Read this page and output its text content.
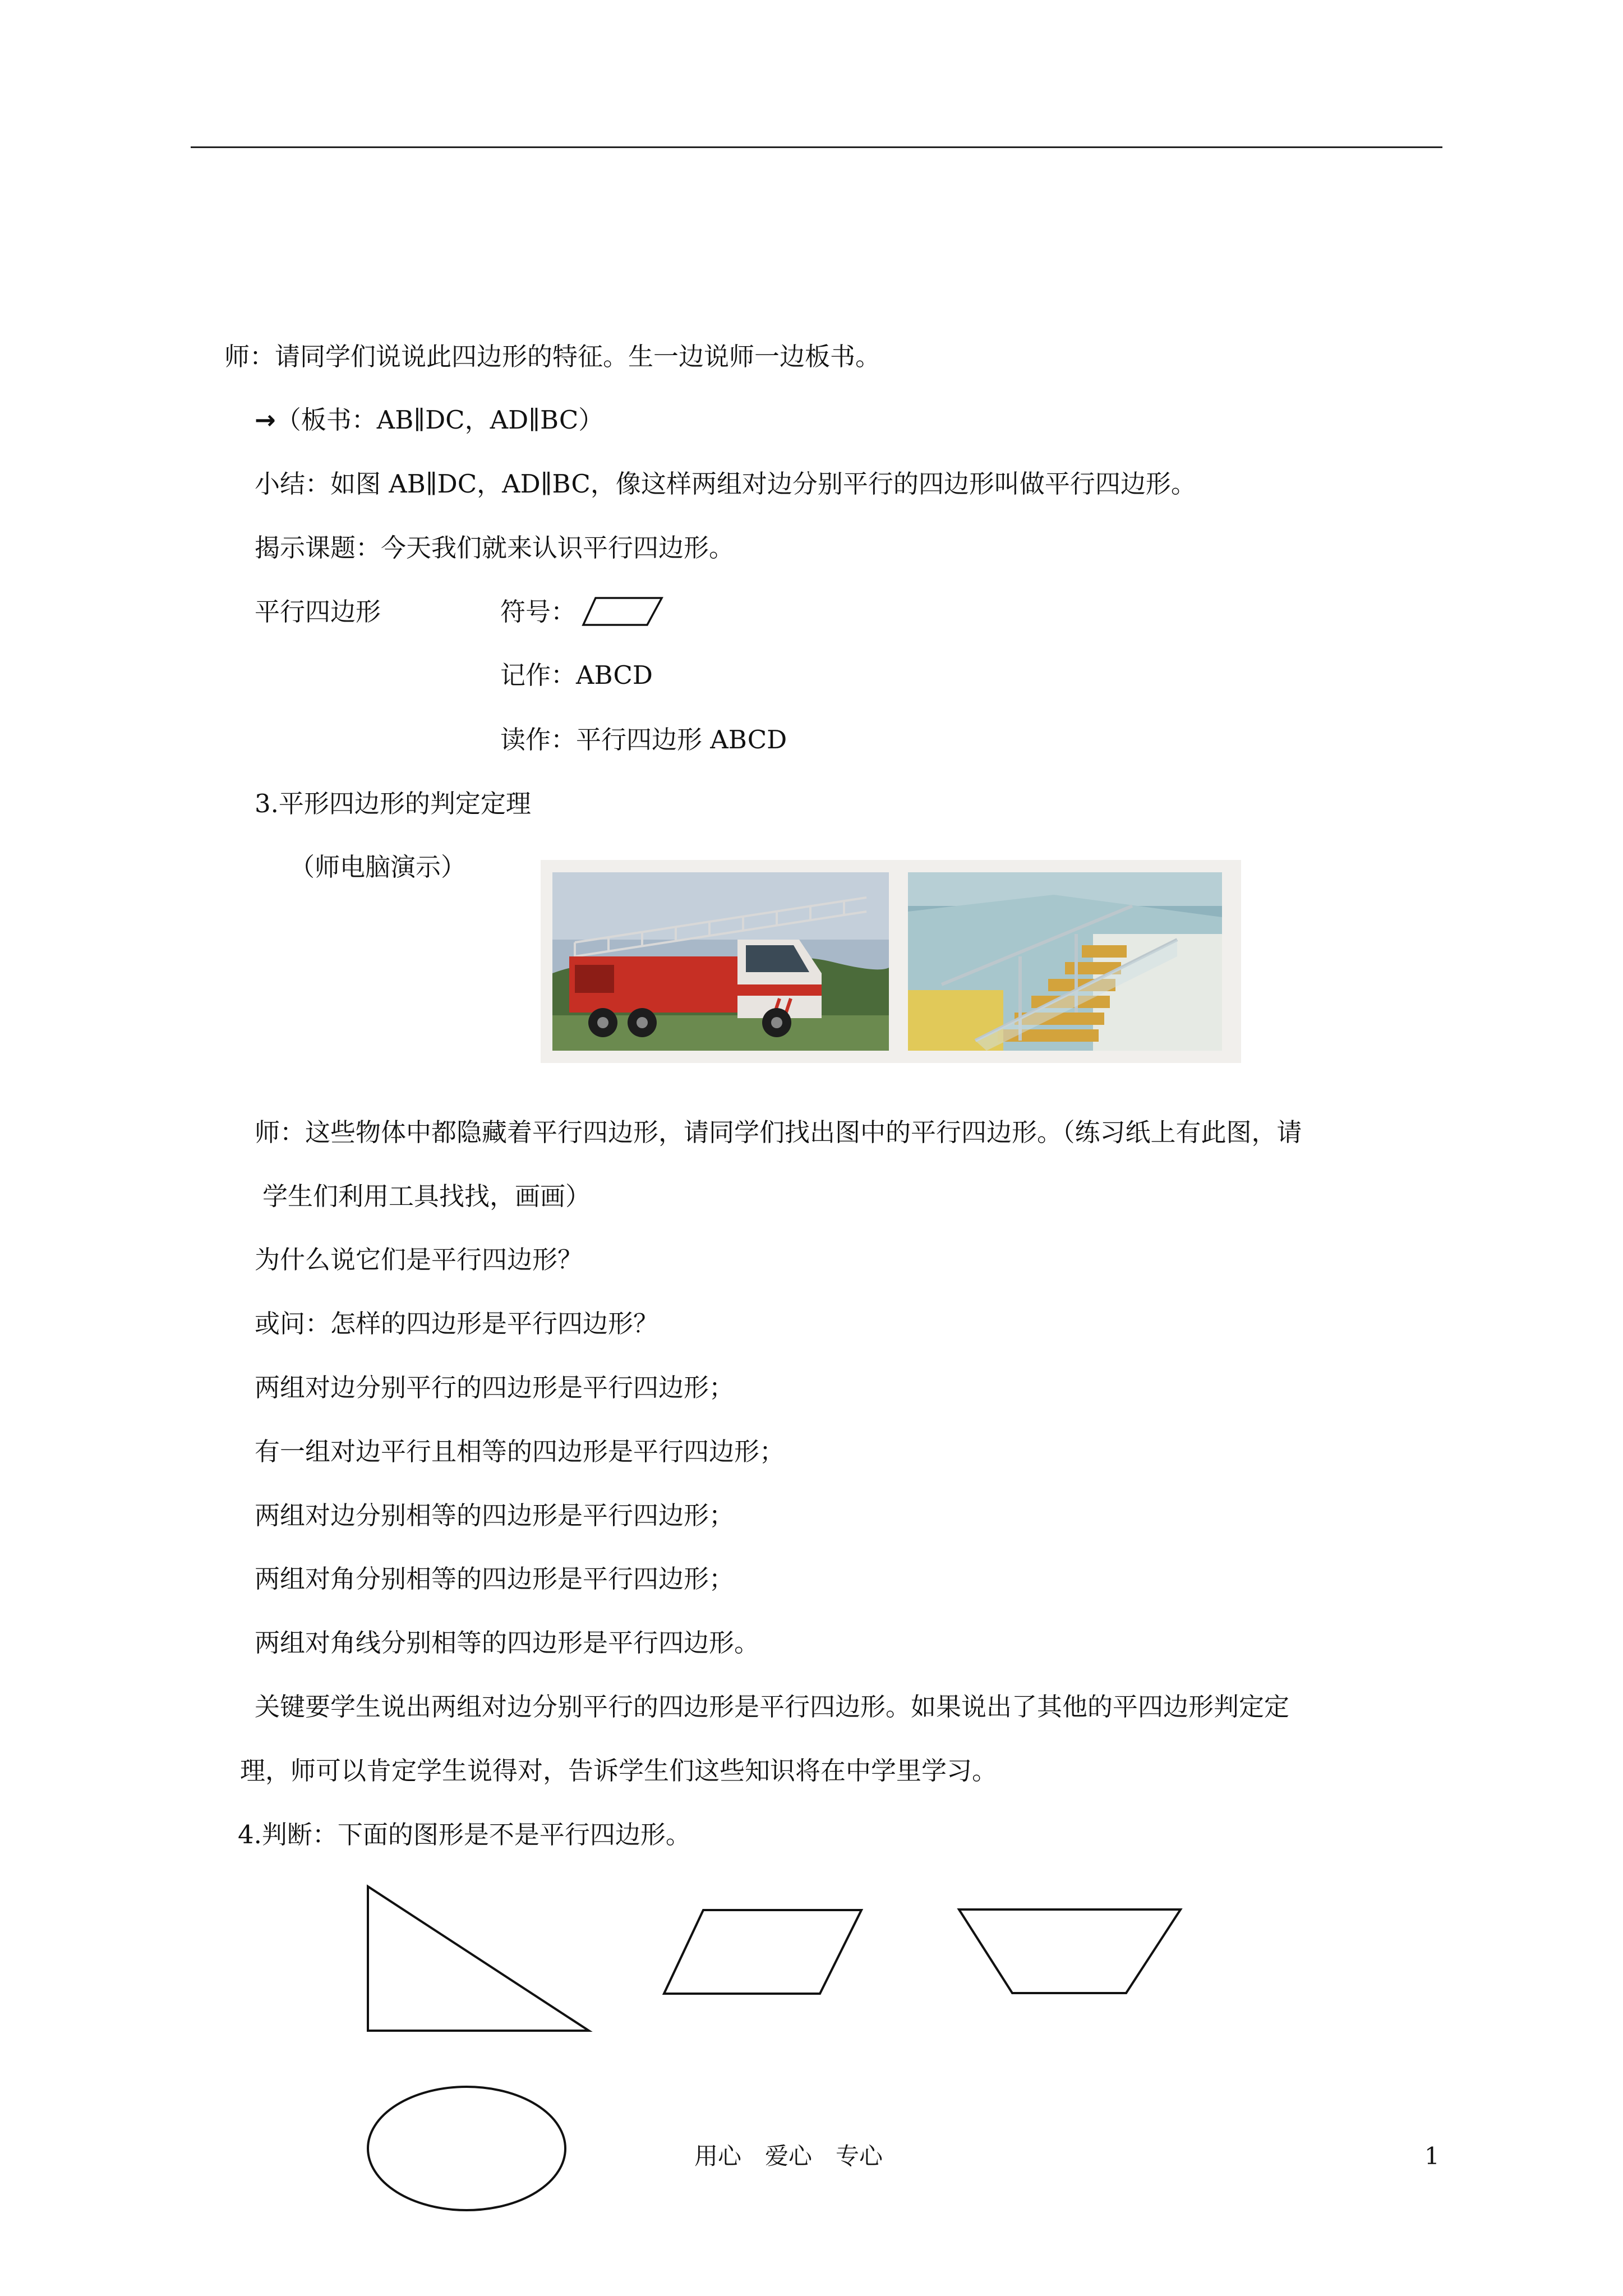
师：请同学们说说此四边形的特征。生一边说师一边板书。
→（板书：AB∥DC，AD∥BC）
小结：如图 AB∥DC，AD∥BC，像这样两组对边分别平行的四边形叫做平行四边形。
揭示课题：今天我们就来认识平行四边形。
平行四边形	符号：
记作：ABCD
读作：平行四边形 ABCD
3.平形四边形的判定定理
（师电脑演示）
师：这些物体中都隐藏着平行四边形，请同学们找出图中的平行四边形。（练习纸上有此图，请
学生们利用工具找找，画画）
为什么说它们是平行四边形？
或问：怎样的四边形是平行四边形？
两组对边分别平行的四边形是平行四边形；
有一组对边平行且相等的四边形是平行四边形；
两组对边分别相等的四边形是平行四边形；
两组对角分别相等的四边形是平行四边形；
两组对角线分别相等的四边形是平行四边形。
关键要学生说出两组对边分别平行的四边形是平行四边形。如果说出了其他的平四边形判定定
理，师可以肯定学生说得对，告诉学生们这些知识将在中学里学习。
4.判断：下面的图形是不是平行四边形。
用心　爱心　专心	1
